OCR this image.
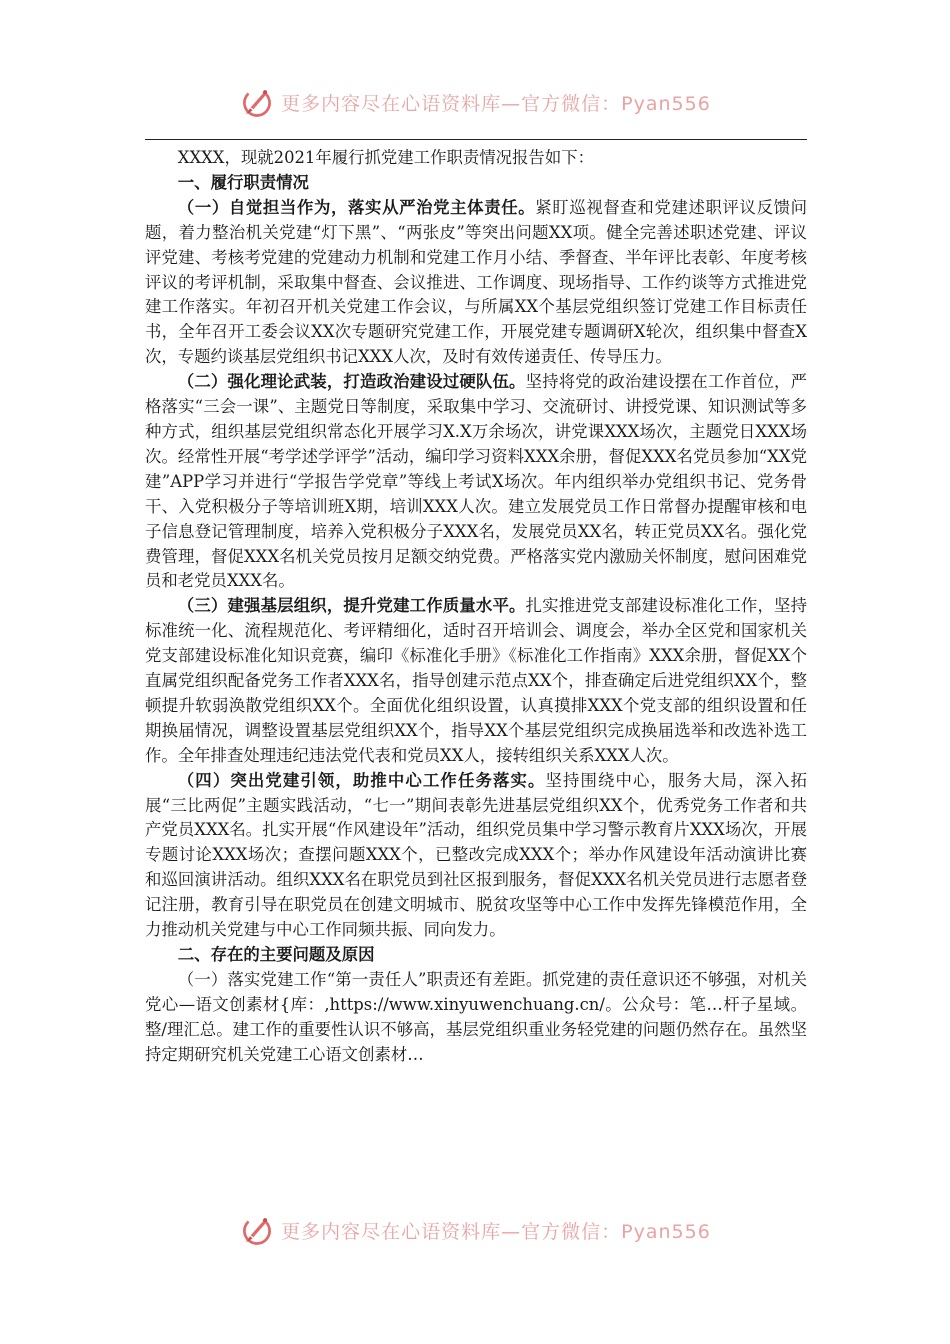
更多内容尽在心语资料库—官方微信：Pyan556

XXXX，现就2021年履行抓党建工作职责情况报告如下：

一、履行职责情况

（一）自觉担当作为，落实从严治党主体责任。紧盯巡视督查和党建述职评议反馈问题，着力整治机关党建“灯下黑”、“两张皮”等突出问题XX项。健全完善述职述党建、评议评党建、考核考党建的党建动力机制和党建工作月小结、季督查、半年评比表彰、年度考核评议的考评机制，采取集中督查、会议推进、工作调度、现场指导、工作约谈等方式推进党建工作落实。年初召开机关党建工作会议，与所属XX个基层党组织签订党建工作目标责任书，全年召开工委会议XX次专题研究党建工作，开展党建专题调研X轮次，组织集中督查X次，专题约谈基层党组织书记XXX人次，及时有效传递责任、传导压力。

（二）强化理论武装，打造政治建设过硬队伍。坚持将党的政治建设摆在工作首位，严格落实“三会一课”、主题党日等制度，采取集中学习、交流研讨、讲授党课、知识测试等多种方式，组织基层党组织常态化开展学习X.X万余场次，讲党课XXX场次，主题党日XXX场次。经常性开展“考学述学评学”活动，编印学习资料XXX余册，督促XXX名党员参加“XX党建”APP学习并进行“学报告学党章”等线上考试X场次。年内组织举办党组织书记、党务骨干、入党积极分子等培训班X期，培训XXX人次。建立发展党员工作日常督办提醒审核和电子信息登记管理制度，培养入党积极分子XXX名，发展党员XX名，转正党员XX名。强化党费管理，督促XXX名机关党员按月足额交纳党费。严格落实党内激励关怀制度，慰问困难党员和老党员XXX名。

（三）建强基层组织，提升党建工作质量水平。扎实推进党支部建设标准化工作，坚持标准统一化、流程规范化、考评精细化，适时召开培训会、调度会，举办全区党和国家机关党支部建设标准化知识竞赛，编印《标准化手册》《标准化工作指南》XXX余册，督促XX个直属党组织配备党务工作者XXX名，指导创建示范点XX个，排查确定后进党组织XX个，整顿提升软弱涣散党组织XX个。全面优化组织设置，认真摸排XXX个党支部的组织设置和任期换届情况，调整设置基层党组织XX个，指导XX个基层党组织完成换届选举和改选补选工作。全年排查处理违纪违法党代表和党员XX人，接转组织关系XXX人次。

（四）突出党建引领，助推中心工作任务落实。坚持围绕中心，服务大局，深入拓展“三比两促”主题实践活动，“七一”期间表彰先进基层党组织XX个，优秀党务工作者和共产党员XXX名。扎实开展“作风建设年”活动，组织党员集中学习警示教育片XXX场次，开展专题讨论XXX场次；查摆问题XXX个，已整改完成XXX个；举办作风建设年活动演讲比赛和巡回演讲活动。组织XXX名在职党员到社区报到服务，督促XXX名机关党员进行志愿者登记注册，教育引导在职党员在创建文明城市、脱贫攻坚等中心工作中发挥先锋模范作用，全力推动机关党建与中心工作同频共振、同向发力。

二、存在的主要问题及原因

（一）落实党建工作“第一责任人”职责还有差距。抓党建的责任意识还不够强，对机关党心—语文创素材{库：,https://www.xinyuwenchuang.cn/。公众号：笔…杆子星域。整/理汇总。建工作的重要性认识不够高，基层党组织重业务轻党建的问题仍然存在。虽然坚持定期研究机关党建工心语文创素材…

更多内容尽在心语资料库—官方微信：Pyan556
